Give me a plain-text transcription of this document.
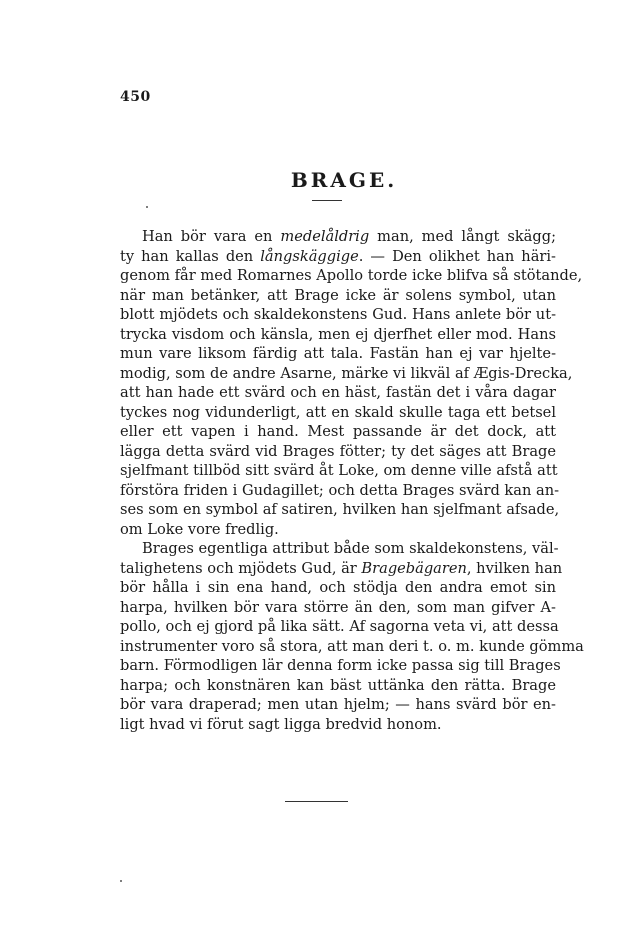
450
BRAGE.
Han bör vara en medelåldrig man, med långt skägg;
ty han kallas den långskäggige. — Den olikhet han häri-
genom får med Romarnes Apollo torde icke blifva så stötande,
när man betänker, att Brage icke är solens symbol, utan
blott mjödets och skaldekonstens Gud. Hans anlete bör ut-
trycka visdom och känsla, men ej djerfhet eller mod. Hans
mun vare liksom färdig att tala. Fastän han ej var hjelte-
modig, som de andre Asarne, märke vi likväl af Ægis-Drecka,
att han hade ett svärd och en häst, fastän det i våra dagar
tyckes nog vidunderligt, att en skald skulle taga ett betsel
eller ett vapen i hand. Mest passande är det dock, att
lägga detta svärd vid Brages fötter; ty det säges att Brage
sjelfmant tillböd sitt svärd åt Loke, om denne ville afstå att
förstöra friden i Gudagillet; och detta Brages svärd kan an-
ses som en symbol af satiren, hvilken han sjelfmant afsade,
om Loke vore fredlig.
Brages egentliga attribut både som skaldekonstens, väl-
talighetens och mjödets Gud, är Bragebägaren, hvilken han
bör hålla i sin ena hand, och stödja den andra emot sin
harpa, hvilken bör vara större än den, som man gifver A-
pollo, och ej gjord på lika sätt. Af sagorna veta vi, att dessa
instrumenter voro så stora, att man deri t. o. m. kunde gömma
barn. Förmodligen lär denna form icke passa sig till Brages
harpa; och konstnären kan bäst uttänka den rätta. Brage
bör vara draperad; men utan hjelm; — hans svärd bör en-
ligt hvad vi förut sagt ligga bredvid honom.
